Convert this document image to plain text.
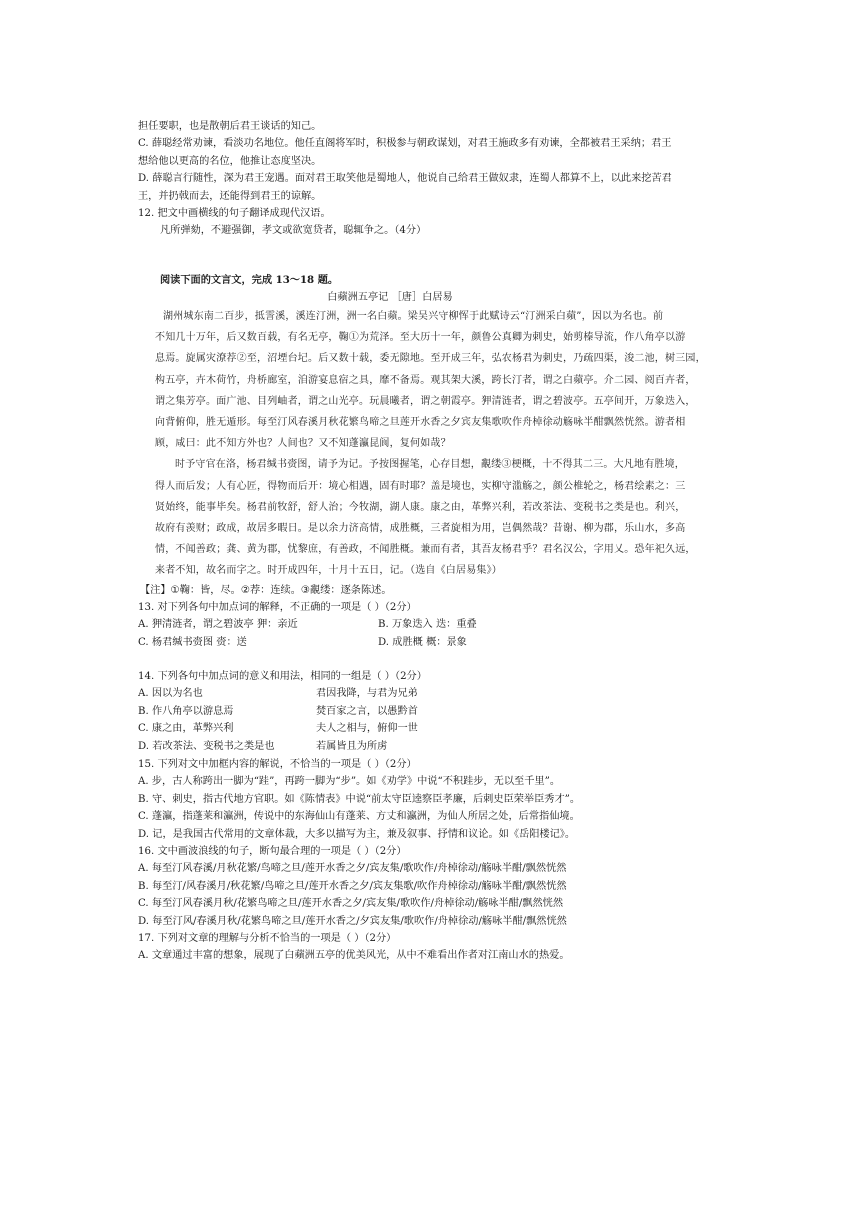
担任要职，也是散朝后君王谈话的知己。
C. 薛聪经常劝谏，看淡功名地位。他任直阁将军时，积极参与朝政谋划，对君王施政多有劝谏，全都被君王采纳；君王
想给他以更高的名位，他推让态度坚决。
D. 薛聪言行随性，深为君王宠遇。面对君王取笑他是蜀地人，他说自己给君王做奴隶，连蜀人都算不上，以此来挖苦君
王，并扔戟而去，还能得到君王的谅解。
12. 把文中画横线的句子翻译成现代汉语。
凡所弹劾，不避强御，孝文或欲宽贷者，聪辄争之。（4分）
阅读下面的文言文，完成 13～18 题。
白蘋洲五亭记 ［唐］白居易
湖州城东南二百步，抵霅溪，溪连汀洲，洲一名白蘋。梁吴兴守柳恽于此赋诗云“汀洲采白蘋”，因以为名也。前
不知几十万年，后又数百载，有名无亭，鞠①为荒泽。至大历十一年，颜鲁公真卿为刺史，始剪榛导流，作八角亭以游
息焉。旋属灾潦荐②至，沼堙台圮。后又数十载，委无隙地。至开成三年，弘农杨君为刺史，乃疏四渠，浚二池，树三园，
构五亭，卉木荷竹，舟桥廊室，洎游宴息宿之具，靡不备焉。观其架大溪，跨长汀者，谓之白蘋亭。介二园、阅百卉者，
谓之集芳亭。面广池、目列岫者，谓之山光亭。玩晨曦者，谓之朝霞亭。狎清涟者，谓之碧波亭。五亭间开，万象迭入，
向背俯仰，胜无遁形。每至汀风春溪月秋花繁鸟啼之旦莲开水香之夕宾友集歌吹作舟棹徐动觞咏半酣飘然恍然。游者相
顾，咸曰：此不知方外也？人间也？又不知蓬瀛昆阆，复何如哉？
时予守官在洛，杨君缄书赍图，请予为记。予按图握笔，心存目想，覶缕③梗概，十不得其二三。大凡地有胜境，
得人而后发；人有心匠，得物而后开：境心相遇，固有时耶？盖是境也，实柳守滥觞之，颜公椎轮之，杨君绘素之：三
贤始终，能事毕矣。杨君前牧舒，舒人治；今牧湖，湖人康。康之由，革弊兴利，若改茶法、变税书之类是也。利兴，
故府有羡财；政成，故居多暇日。是以余力济高情，成胜概，三者旋相为用，岂偶然哉？昔谢、柳为郡，乐山水，多高
情，不闻善政；龚、黄为郡，忧黎庶，有善政，不闻胜概。兼而有者，其吾友杨君乎？君名汉公，字用乂。恐年祀久远，
来者不知，故名而字之。时开成四年，十月十五日，记。（选自《白居易集》）
【注】①鞠：皆，尽。②荐：连续。③覶缕：逐条陈述。
13. 对下列各句中加点词的解释，不正确的一项是（ ）（2分）
A. 狎清涟者，谓之碧波亭 狎：亲近	B. 万象迭入 迭：重叠
C. 杨君缄书赍图 赍：送	D. 成胜概 概：景象
14. 下列各句中加点词的意义和用法，相同的一组是（ ）（2分）
A. 因以为名也	君因我降，与君为兄弟
B. 作八角亭以游息焉	焚百家之言，以愚黔首
C. 康之由，革弊兴利	夫人之相与，俯仰一世
D. 若改茶法、变税书之类是也	若属皆且为所虏
15. 下列对文中加框内容的解说，不恰当的一项是（ ）（2分）
A. 步，古人称跨出一脚为“跬”，再跨一脚为“步”。如《劝学》中说“不积跬步，无以至千里”。
B. 守、刺史，指古代地方官职。如《陈情表》中说“前太守臣逵察臣孝廉，后刺史臣荣举臣秀才”。
C. 蓬瀛，指蓬莱和瀛洲，传说中的东海仙山有蓬莱、方丈和瀛洲，为仙人所居之处，后常指仙境。
D. 记，是我国古代常用的文章体裁，大多以描写为主，兼及叙事、抒情和议论。如《岳阳楼记》。
16. 文中画波浪线的句子，断句最合理的一项是（ ）（2分）
A. 每至汀风春溪/月秋花繁/鸟啼之旦/莲开水香之夕/宾友集/歌吹作/舟棹徐动/觞咏半酣/飘然恍然
B. 每至汀/风春溪月/秋花繁/鸟啼之旦/莲开水香之夕/宾友集歌/吹作舟棹徐动/觞咏半酣/飘然恍然
C. 每至汀风春溪月秋/花繁鸟啼之旦/莲开水香之夕/宾友集/歌吹作/舟棹徐动/觞咏半酣/飘然恍然
D. 每至汀风/春溪月秋/花繁鸟啼之旦/莲开水香之/夕宾友集/歌吹作/舟棹徐动/觞咏半酣/飘然恍然
17. 下列对文章的理解与分析不恰当的一项是（ ）（2分）
A. 文章通过丰富的想象，展现了白蘋洲五亭的优美风光，从中不难看出作者对江南山水的热爱。
